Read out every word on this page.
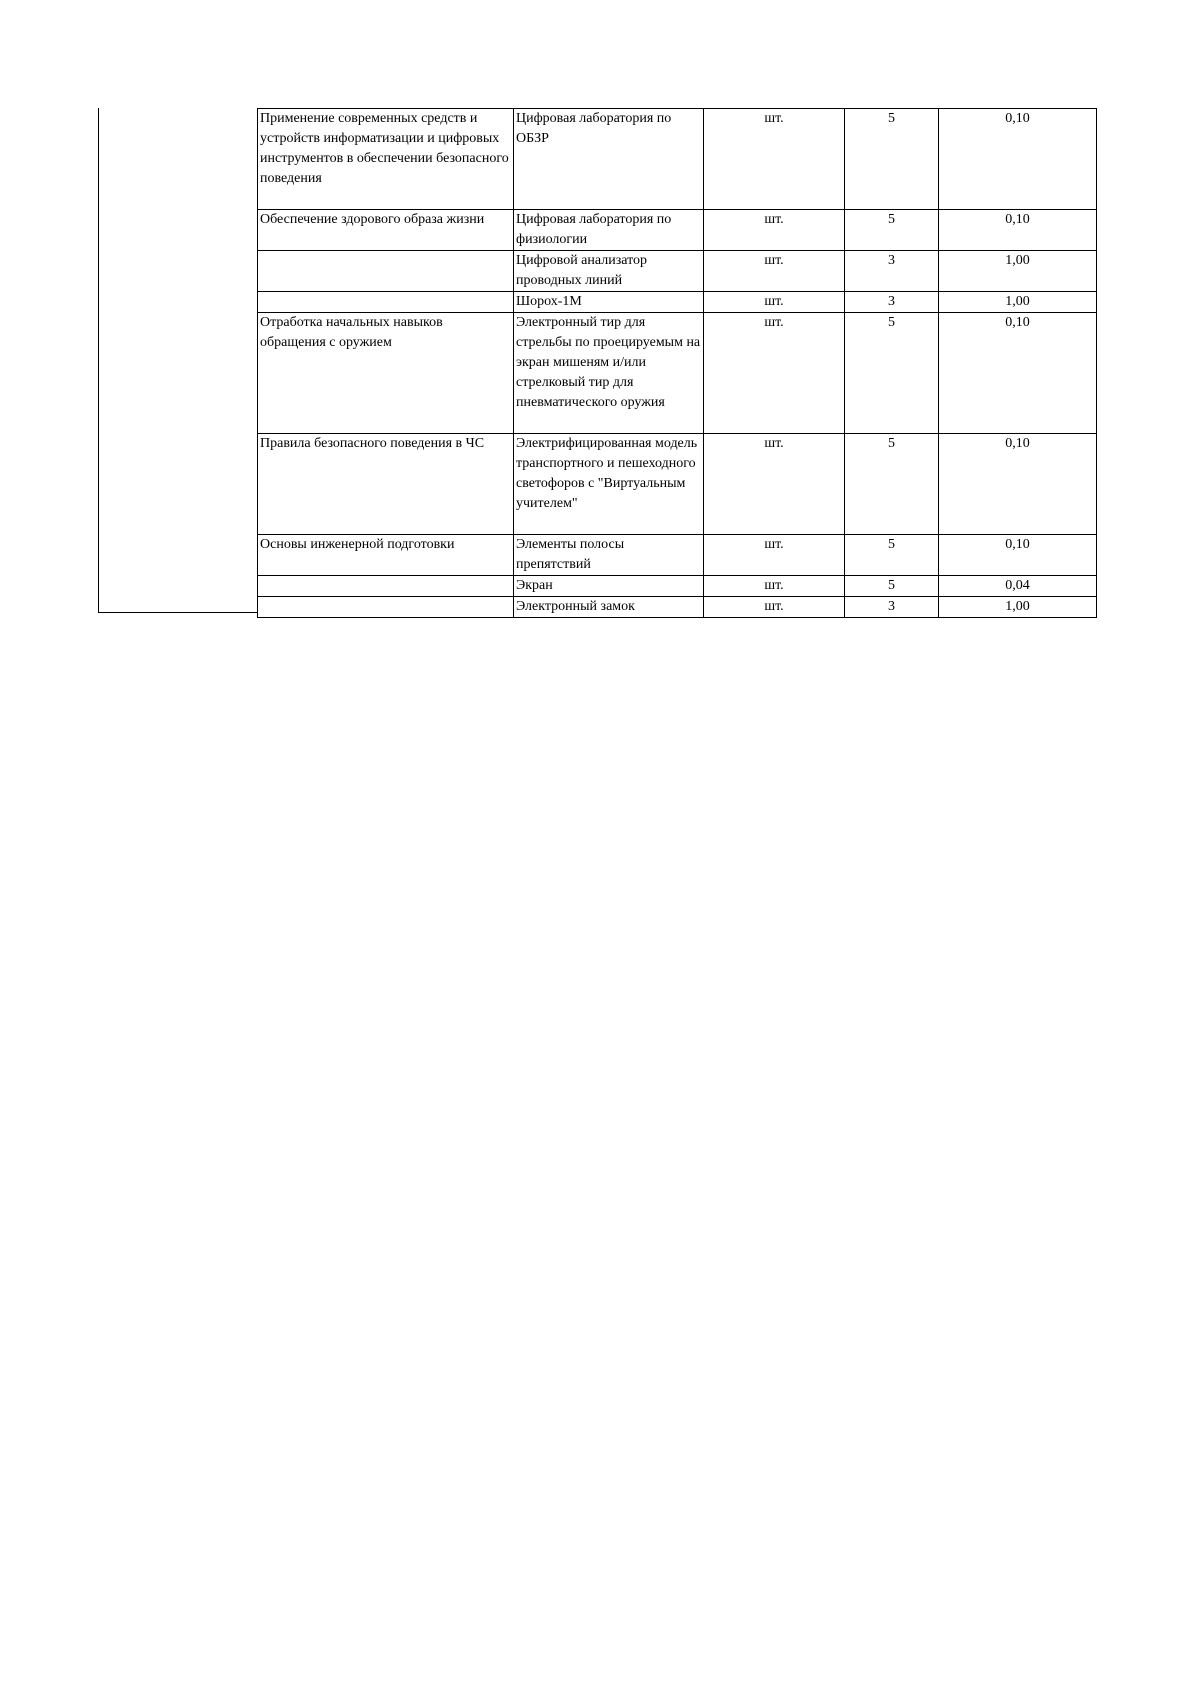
Применение современных средств и устройств информатизации и цифровых инструментов в обеспечении безопасного поведения	Цифровая лаборатория по ОБЗР	шт.	5	0,10
Обеспечение здорового образа жизни	Цифровая лаборатория по физиологии	шт.	5	0,10
	Цифровой анализатор проводных линий	шт.	3	1,00
	Шорох-1М	шт.	3	1,00
Отработка начальных навыков обращения с оружием	Электронный тир для стрельбы по проецируемым на экран мишеням и/или стрелковый тир для пневматического оружия	шт.	5	0,10
Правила безопасного поведения в ЧС	Электрифицированная модель транспортного и пешеходного светофоров с "Виртуальным учителем"	шт.	5	0,10
Основы инженерной подготовки	Элементы полосы препятствий	шт.	5	0,10
	Экран	шт.	5	0,04
	Электронный замок	шт.	3	1,00
